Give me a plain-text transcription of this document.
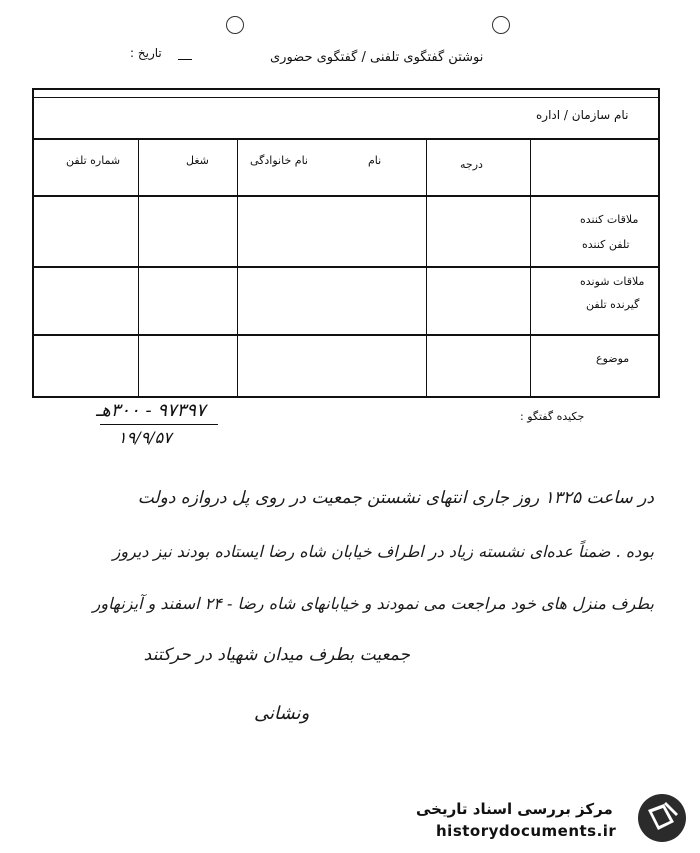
تاریخ :	نوشتن گفتگوی تلفنی / گفتگوی حضوری
نام سازمان / اداره
شماره تلفن	شغل	نام خانوادگی	نام	درجه
ملاقات کننده
تلفن کننده
ملاقات شونده
گیرنده تلفن
موضوع
۹۷۳۹۷ - ۳۰۰هـ
۱۹/۹/۵۷
جکیده گفتگو :
در ساعت ۱۳۲۵ روز جاری انتهای نشستن جمعیت در روی پل دروازه دولت
بوده . ضمناً عده‌ای نشسته زیاد در اطراف خیابان شاه رضا ایستاده بودند نیز دیروز
بطرف منزل های خود مراجعت می نمودند و خیابانهای شاه رضا - ۲۴ اسفند و آیزنهاور
جمعیت بطرف میدان شهیاد در حرکتند
ونشانی
مرکز بررسی اسناد تاریخی
historydocuments.ir
